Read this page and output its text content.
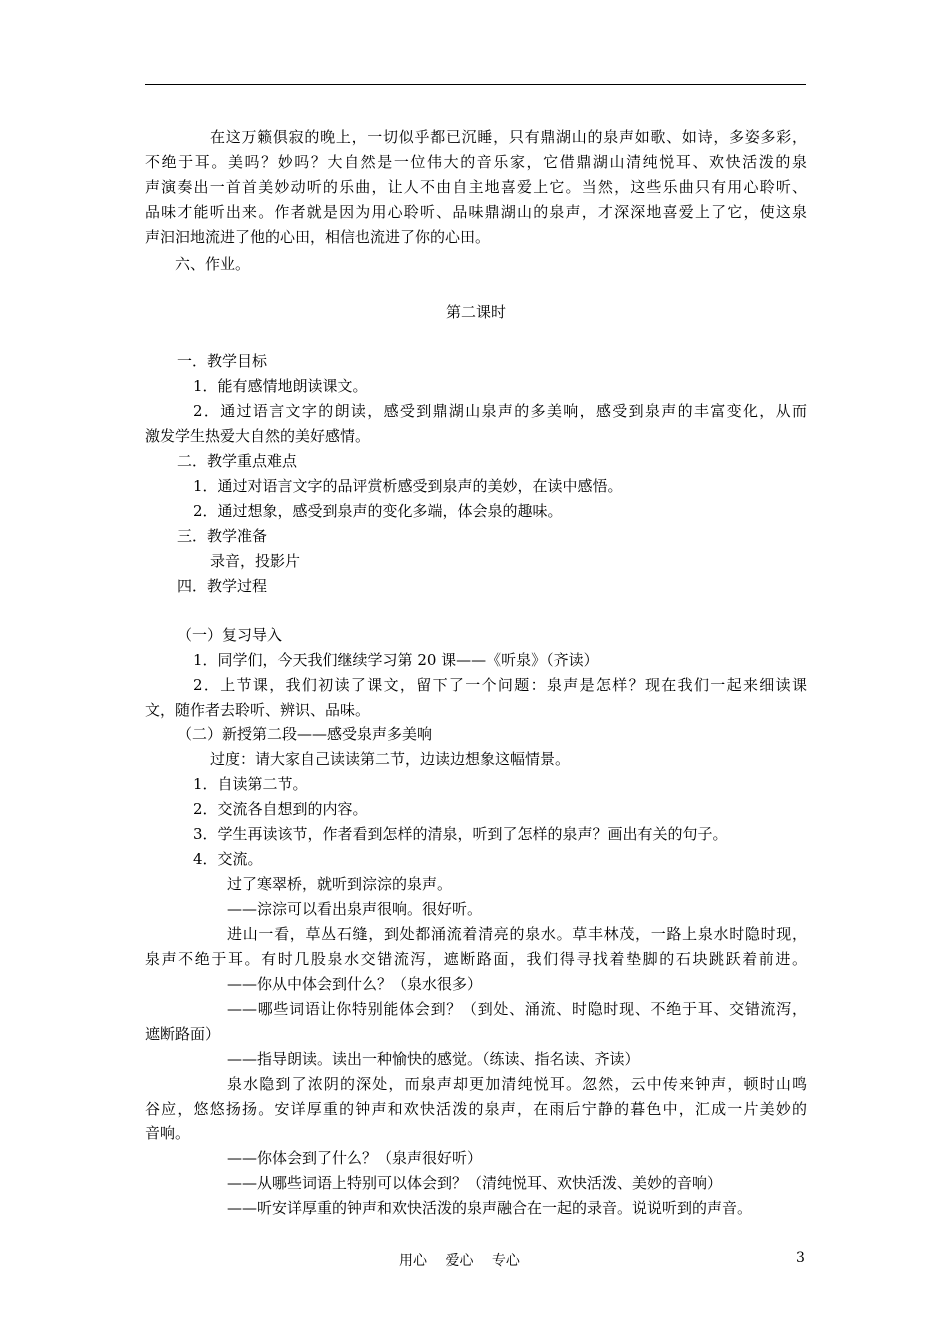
在这万籁俱寂的晚上，一切似乎都已沉睡，只有鼎湖山的泉声如歌、如诗，多姿多彩，
不绝于耳。美吗？妙吗？大自然是一位伟大的音乐家，它借鼎湖山清纯悦耳、欢快活泼的泉
声演奏出一首首美妙动听的乐曲，让人不由自主地喜爱上它。当然，这些乐曲只有用心聆听、
品味才能听出来。作者就是因为用心聆听、品味鼎湖山的泉声，才深深地喜爱上了它，使这泉
声汩汩地流进了他的心田，相信也流进了你的心田。
六、作业。
第二课时
一．教学目标
1．能有感情地朗读课文。
2．通过语言文字的朗读，感受到鼎湖山泉声的多美响，感受到泉声的丰富变化，从而
激发学生热爱大自然的美好感情。
二．教学重点难点
1．通过对语言文字的品评赏析感受到泉声的美妙，在读中感悟。
2．通过想象，感受到泉声的变化多端，体会泉的趣味。
三．教学准备
录音，投影片
四．教学过程
（一）复习导入
1．同学们，今天我们继续学习第 20 课——《听泉》（齐读）
2．上节课，我们初读了课文，留下了一个问题：泉声是怎样？现在我们一起来细读课
文，随作者去聆听、辨识、品味。
（二）新授第二段——感受泉声多美响
过度：请大家自己读读第二节，边读边想象这幅情景。
1．自读第二节。
2．交流各自想到的内容。
3．学生再读该节，作者看到怎样的清泉，听到了怎样的泉声？画出有关的句子。
4．交流。
过了寒翠桥，就听到淙淙的泉声。
——淙淙可以看出泉声很响。很好听。
进山一看，草丛石缝，到处都涌流着清亮的泉水。草丰林茂，一路上泉水时隐时现，
泉声不绝于耳。有时几股泉水交错流泻，遮断路面，我们得寻找着垫脚的石块跳跃着前进。
——你从中体会到什么？（泉水很多）
——哪些词语让你特别能体会到？（到处、涌流、时隐时现、不绝于耳、交错流泻，
遮断路面）
——指导朗读。读出一种愉快的感觉。（练读、指名读、齐读）
泉水隐到了浓阴的深处，而泉声却更加清纯悦耳。忽然，云中传来钟声，顿时山鸣
谷应，悠悠扬扬。安详厚重的钟声和欢快活泼的泉声，在雨后宁静的暮色中，汇成一片美妙的
音响。
——你体会到了什么？（泉声很好听）
——从哪些词语上特别可以体会到？（清纯悦耳、欢快活泼、美妙的音响）
——听安详厚重的钟声和欢快活泼的泉声融合在一起的录音。说说听到的声音。
用心 爱心 专心	3
